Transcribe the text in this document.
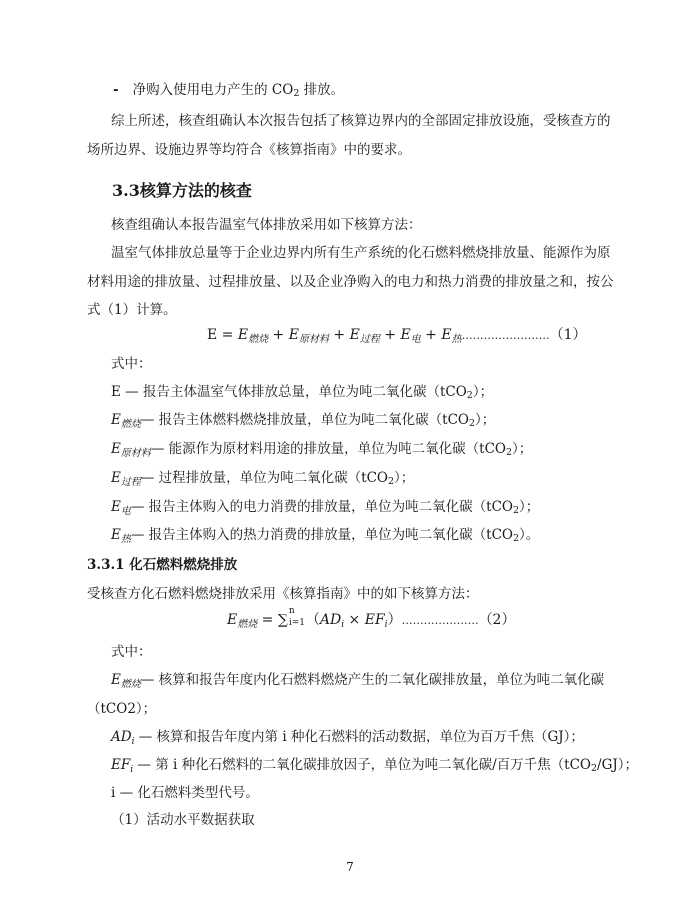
- 净购入使用电力产生的 CO2 排放。
综上所述，核查组确认本次报告包括了核算边界内的全部固定排放设施，受核查方的
场所边界、设施边界等均符合《核算指南》中的要求。
3.3核算方法的核查
核查组确认本报告温室气体排放采用如下核算方法：
温室气体排放总量等于企业边界内所有生产系统的化石燃料燃烧排放量、能源作为原
材料用途的排放量、过程排放量、以及企业净购入的电力和热力消费的排放量之和，按公
式（1）计算。
$E = E_{燃烧} + E_{原材料} + E_{过程} + E_电$ + $E_热\dots\dots\dots\dots\dots\dots\dots\dots(1)$
式中：
E — 报告主体温室气体排放总量，单位为吨二氧化碳（tCO2）；
$E_{燃烧}—$ 报告主体燃料燃烧排放量，单位为吨二氧化碳（tCO2）；
$E_{原材料}—$ 能源作为原材料用途的排放量，单位为吨二氧化碳（tCO2）；
$E_{过程}—$ 过程排放量，单位为吨二氧化碳（tCO2）；
$E_电—$ 报告主体购入的电力消费的排放量，单位为吨二氧化碳（tCO2）；
$E_热—$ 报告主体购入的热力消费的排放量，单位为吨二氧化碳（tCO2）。
3.3.1 化石燃料燃烧排放
受核查方化石燃料燃烧排放采用《核算指南》中的如下核算方法：
$E_{燃烧}$ = ∑
n
i=1 （$AD_i$ × $EF_i)\dots\dots\dots\dots\dots\dots\dots(2)$
式中：
$E_{燃烧}—$ 核算和报告年度内化石燃料燃烧产生的二氧化碳排放量，单位为吨二氧化碳
（tCO2）；
$AD_i$ — 核算和报告年度内第 i 种化石燃料的活动数据，单位为百万千焦（GJ）；
$EF_i$ — 第 i 种化石燃料的二氧化碳排放因子，单位为吨二氧化碳/百万千焦（tCO2/GJ）；
i — 化石燃料类型代号。
（1）活动水平数据获取
7
